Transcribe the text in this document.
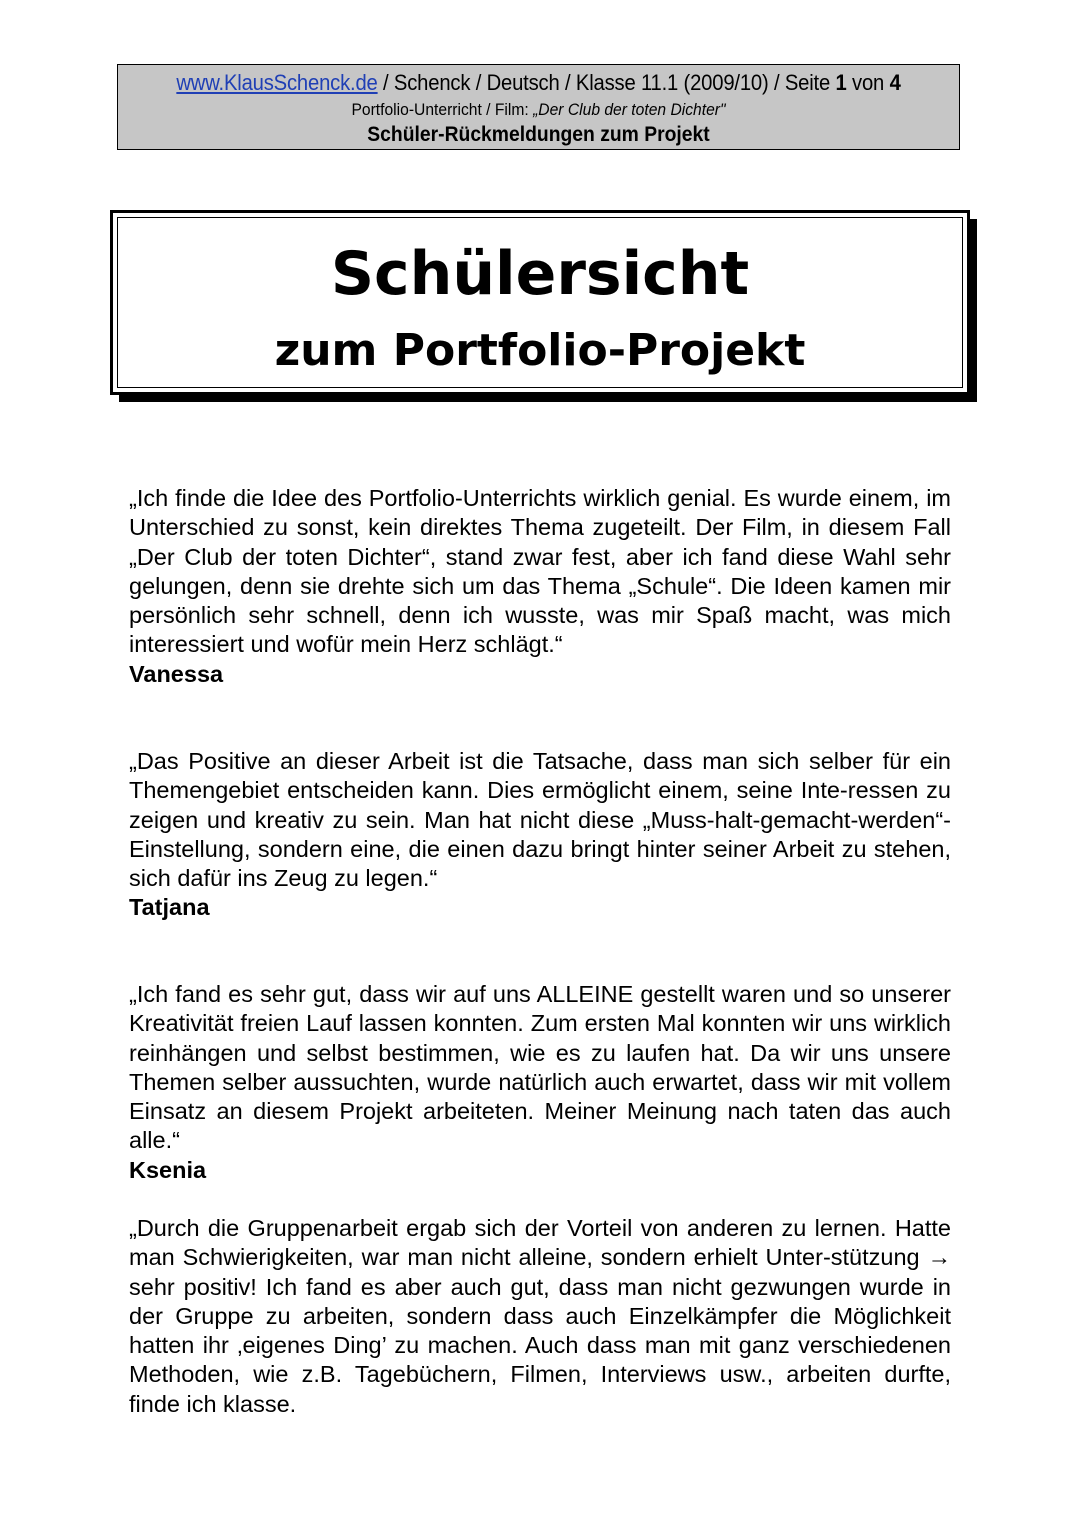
www.KlausSchenck.de / Schenck / Deutsch / Klasse 11.1 (2009/10) / Seite 1 von 4
Portfolio-Unterricht / Film: „Der Club der toten Dichter"
Schüler-Rückmeldungen zum Projekt
Schülersicht
zum Portfolio-Projekt
„Ich finde die Idee des Portfolio-Unterrichts wirklich genial. Es wurde einem, im Unterschied zu sonst, kein direktes Thema zugeteilt. Der Film, in diesem Fall „Der Club der toten Dichter“, stand zwar fest, aber ich fand diese Wahl sehr gelungen, denn sie drehte sich um das Thema „Schule“. Die Ideen kamen mir persönlich sehr schnell, denn ich wusste, was mir Spaß macht, was mich interessiert und wofür mein Herz schlägt.“
Vanessa
„Das Positive an dieser Arbeit ist die Tatsache, dass man sich selber für ein Themengebiet entscheiden kann. Dies ermöglicht einem, seine Inte-ressen zu zeigen und kreativ zu sein. Man hat nicht diese „Muss-halt-gemacht-werden“-Einstellung, sondern eine, die einen dazu bringt hinter seiner Arbeit zu stehen, sich dafür ins Zeug zu legen.“
Tatjana
„Ich fand es sehr gut, dass wir auf uns ALLEINE gestellt waren und so unserer Kreativität freien Lauf lassen konnten. Zum ersten Mal konnten wir uns wirklich reinhängen und selbst bestimmen, wie es zu laufen hat. Da wir uns unsere Themen selber aussuchten, wurde natürlich auch erwartet, dass wir mit vollem Einsatz an diesem Projekt arbeiteten. Meiner Meinung nach taten das auch alle.“
Ksenia
„Durch die Gruppenarbeit ergab sich der Vorteil von anderen zu lernen. Hatte man Schwierigkeiten, war man nicht alleine, sondern erhielt Unter-stützung → sehr positiv! Ich fand es aber auch gut, dass man nicht gezwungen wurde in der Gruppe zu arbeiten, sondern dass auch Einzelkämpfer die Möglichkeit hatten ihr ‚eigenes Ding’ zu machen. Auch dass man mit ganz verschiedenen Methoden, wie z.B. Tagebüchern, Filmen, Interviews usw., arbeiten durfte, finde ich klasse.
